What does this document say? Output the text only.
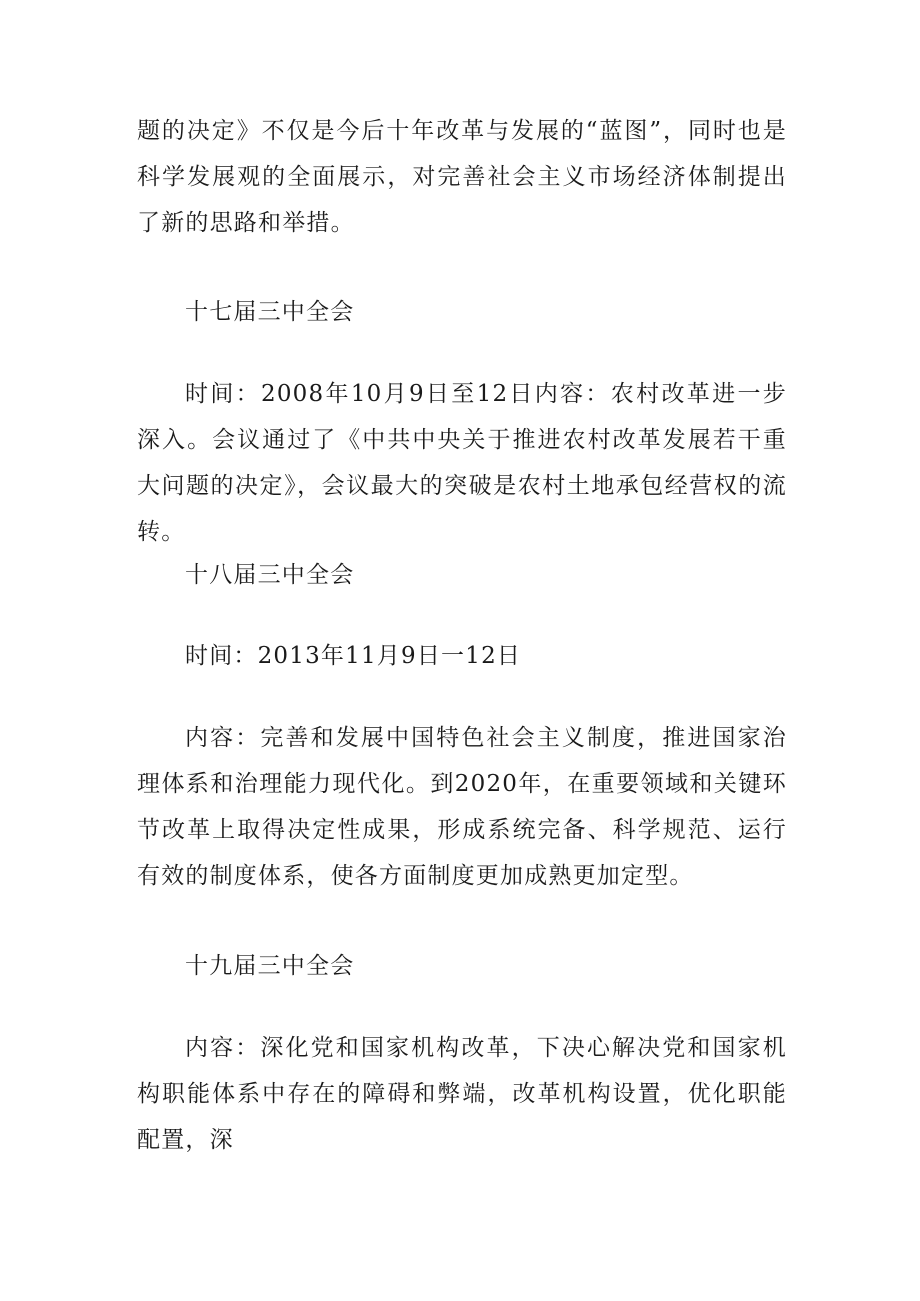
题的决定》不仅是今后十年改革与发展的“蓝图”，同时也是科学发展观的全面展示，对完善社会主义市场经济体制提出了新的思路和举措。

十七届三中全会

时间：2008年10月9日至12日内容：农村改革进一步深入。会议通过了《中共中央关于推进农村改革发展若干重大问题的决定》，会议最大的突破是农村土地承包经营权的流转。

十八届三中全会

时间：2013年11月9日一12日

内容：完善和发展中国特色社会主义制度，推进国家治理体系和治理能力现代化。到2020年，在重要领域和关键环节改革上取得决定性成果，形成系统完备、科学规范、运行有效的制度体系，使各方面制度更加成熟更加定型。

十九届三中全会

内容：深化党和国家机构改革，下决心解决党和国家机构职能体系中存在的障碍和弊端，改革机构设置，优化职能配置，深
